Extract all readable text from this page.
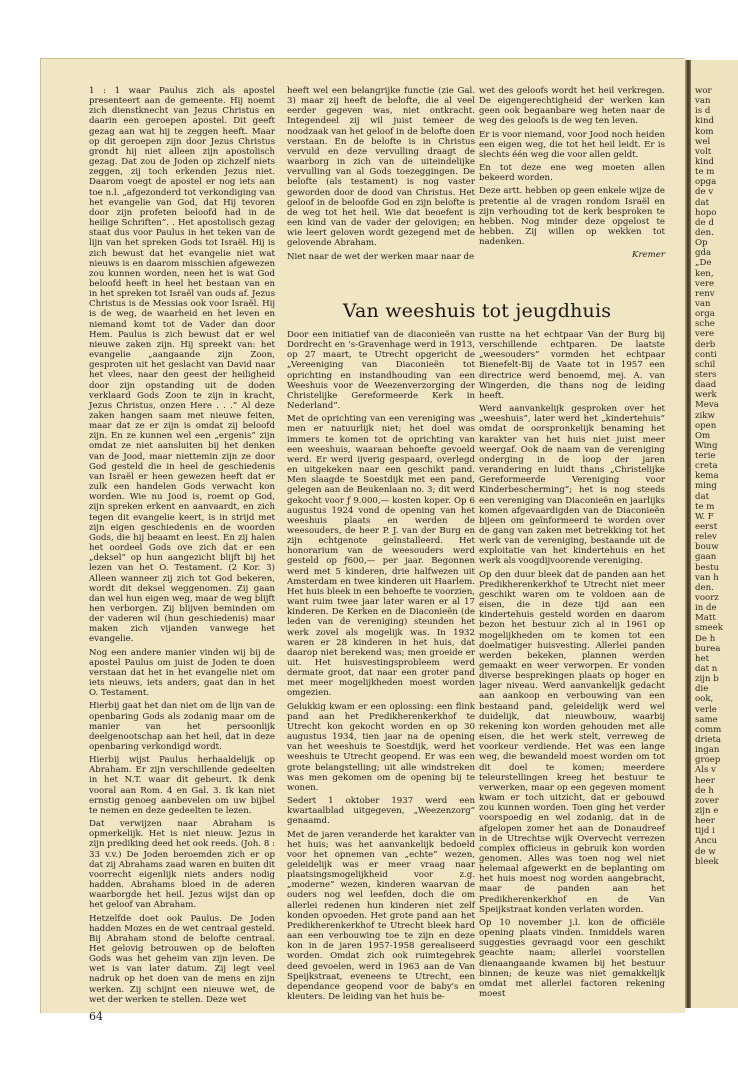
wor
van
is d
kind
kom
wel
volt
kind
te m
opga
de v
dat
hopo
de d
den.
Op
gda
„De
ken,
vere
renv
van
orga
sche
vere
derb
conti
schil
sters
daad
werk
Meva
zikw
open
Om
Wing
terie
creta
kema
ming
dat
te m
W. F
eerst
relev
bouw
gaan
bestu
van h
den.
voorz
in de
Matt
smeek
De h
burea
het
dat n
zijn b
die
ook,
verle
same
comm
drieta
ingan
groep
Als v
heer
de h
zover
zijn e
heer
tijd i
Ancu
de w
bleek

1 : 1 waar Paulus zich als apostel presenteert aan de gemeente. Hij noemt zich dienstknecht van Jezus Christus en daarin een geroepen apostel. Dit geeft gezag aan wat hij te zeggen heeft. Maar op dit geroepen zijn door Jezus Christus grondt hij niet alleen zijn apostolisch gezag. Dat zou de Joden op zichzelf niets zeggen, zij toch erkenden Jezus niet. Daarom voegt de apostel er nog iets aan toe n.l. „afgezonderd tot verkondiging van het evangelie van God, dat Hij tevoren door zijn profeten beloofd had in de heilige Schriften”. . Het apostolisch gezag staat dus voor Paulus in het teken van de lijn van het spreken Gods tot Israël. Hij is zich bewust dat het evangelie niet wat nieuws is en daarom misschien afgewezen zou kunnen worden, neen het is wat God beloofd heeft in heel het bestaan van en in het spreken tot Israël van ouds af. Jezus Christus is de Messias ook voor Israël. Hij is de weg, de waarheid en het leven en niemand komt tot de Vader dan door Hem. Paulus is zich bewust dat er wel nieuwe zaken zijn. Hij spreekt van: het evangelie „aangaande zijn Zoon, gesproten uit het geslacht van David naar het vlees, naar den geest der heiligheid door zijn opstanding uit de doden verklaard Gods Zoon te zijn in kracht, Jezus Christus, onzen Here . . .” Al deze zaken hangen saam met nieuwe feiten, maar dat ze er zijn is omdat zij beloofd zijn. En ze kunnen wel een „ergenis” zijn omdat ze niet aansluiten bij het denken van de Jood, maar niettemin zijn ze door God gesteld die in heel de geschiedenis van Israël er heen gewezen heeft dat er zulk een handelen Gods verwacht kon worden. Wie nu Jood is, roemt op God, zijn spreken erkent en aanvaardt, en zich tegen dit evangelie keert, is in strijd met zijn eigen geschiedenis en de woorden Gods, die hij beaamt en leest. En zij halen het oordeel Gods ove zich dat er een „deksel” op hun aangezicht blijft bij het lezen van het O. Testament. (2 Kor. 3) Alleen wanneer zij zich tot God bekeren, wordt dit deksel weggenomen. Zij gaan dan wel hun eigen weg, maar de weg blijft hen verborgen. Zij blijven beminden om der vaderen wil (hun geschiedenis) maar maken zich vijanden vanwege het evangelie.

Nog een andere manier vinden wij bij de apostel Paulus om juist de Joden te doen verstaan dat het in het evangelie niet om iets nieuws, iets anders, gaat dan in het O. Testament.

Hierbij gaat het dan niet om de lijn van de openbaring Gods als zodanig maar om de manier van het persoonlijk deelgenootschap aan het heil, dat in deze openbaring verkondigd wordt.

Hierbij wijst Paulus herhaaldelijk op Abraham. Er zijn verschillende gedeelten in het N.T. waar dit gebeurt. Ik denk vooral aan Rom. 4 en Gal. 3. Ik kan niet ernstig genoeg aanbevelen om uw bijbel te nemen en deze gedeelten te lezen.

Dat verwijzen naar Abraham is opmerkelijk. Het is niet nieuw. Jezus in zijn prediking deed het ook reeds. (Joh. 8 : 33 v.v.) De Joden beroemden zich er op dat zij Abrahams zaad waren en buiten dit voorrecht eigenlijk niets anders nodig hadden. Abrahams bloed in de aderen waarborgde het heil. Jezus wijst dan op het geloof van Abraham.

Hetzelfde doet ook Paulus. De Joden hadden Mozes en de wet centraal gesteld. Bij Abraham stond de belofte centraal. Het gelovig betrouwen op de beloften Gods was het geheim van zijn leven. De wet is van later datum. Zij legt veel nadruk op het doen van de mens en zijn werken. Zij schijnt een nieuwe wet, de wet der werken te stellen. Deze wet

heeft wel een belangrijke functie (zie Gal. 3) maar zij heeft de belofte, die al veel eerder gegeven was, niet ontkracht. Integendeel zij wil juist temeer de noodzaak van het geloof in de belofte doen verstaan. En de belofte is in Christus vervuld en deze vervulling draagt de waarborg in zich van de uiteindelijke vervulling van al Gods toezeggingen. De belofte (als testament) is nog vaster geworden door de dood van Christus. Het geloof in de beloofde God en zijn belofte is de weg tot het heil. Wie dat beoefent is een kind van de vader der gelovigen; en wie leert geloven wordt gezegend met de gelovende Abraham.

Niet naar de wet der werken maar naar de

wet des geloofs wordt het heil verkregen. De eigengerechtigheid der werken kan geen ook begaanbare weg heten naar de weg des geloofs is de weg ten leven.

Er is voor niemand, voor Jood noch heiden een eigen weg, die tot het heil leidt. Er is slechts één weg die voor allen geldt.

En tot deze ene weg moeten allen bekeerd worden.

Deze artt. hebben op geen enkele wijze de pretentie al de vragen rondom Israël en zijn verhouding tot de kerk besproken te hebben. Nog minder deze opgelost te hebben. Zij willen op wekken tot nadenken.

Kremer

Van weeshuis tot jeugdhuis

Door een initiatief van de diaconieën van Dordrecht en 's-Gravenhage werd in 1913, op 27 maart, te Utrecht opgericht de „Vereeniging van Diaconieën tot oprichting en instandhouding van een Weeshuis voor de Weezenverzorging der Christelijke Gereformeerde Kerk in Nederland”.

Met de oprichting van een vereniging was men er natuurlijk niet; het doel was immers te komen tot de oprichting van een weeshuis, waaraan behoefte gevoeld werd. Er werd ijverig gespaard, overlegd en uitgekeken naar een geschikt pand. Men slaagde te Soestdijk met een pand, gelegen aan de Beukenlaan no. 3; dit werd gekocht voor ƒ 9.000,— kosten koper. Op 6 augustus 1924 vond de opening van het weeshuis plaats en werden de weesouders, de heer P. J. van der Burg en zijn echtgenote geïnstalleerd. Het honorarium van de weesouders werd gesteld op ƒ600,— per jaar. Begonnen werd met 5 kinderen, drie halfwezen uit Amsterdam en twee kinderen uit Haarlem. Het huis bleek in een behoefte te voorzien, want ruim twee jaar later waren er al 17 kinderen. De Kerken en de Diaconieën (de leden van de vereniging) steunden het werk zovel als mogelijk was. In 1932 waren er 28 kinderen in het huis, dat daarop niet berekend was; men groeide er uit. Het huisvestingsprobleem werd dermate groot, dat naar een groter pand met meer mogelijkheden moest worden omgezien.

Gelukkig kwam er een oplossing: een flink pand aan het Predikherenkerkhof te Utrecht kon gekocht worden en op 30 augustus 1934, tien jaar na de opening van het weeshuis te Soestdijk, werd het weeshuis te Utrecht geopend. Er was een grote belangstelling; uit alle windstreken was men gekomen om de opening bij te wonen.

Sedert 1 oktober 1937 werd een kwartaalblad uitgegeven, „Weezenzorg” genaamd.

Met de jaren veranderde het karakter van het huis; was het aanvankelijk bedoeld voor het opnemen van „echte” wezen, geleidelijk was er meer vraag naar plaatsingsmogelijkheid voor z.g. „moderne” wezen, kinderen waarvan de ouders nog wel leefden, doch die om allerlei redenen hun kinderen niet zelf konden opvoeden. Het grote pand aan het Predikherenkerkhof te Utrecht bleek hard aan een verbouwing toe te zijn en deze kon in de jaren 1957-1958 gerealiseerd worden. Omdat zich ook ruimtegebrek deed gevoelen, werd in 1963 aan de Van Speijkstraat, eveneens te Utrecht, een dependance geopend voor de baby's en kleuters. De leiding van het huis be-

rustte na het echtpaar Van der Burg bij verschillende echtparen. De laatste „weesouders” vormden het echtpaar Bienefelt-Bij de Vaate tot in 1957 een directrice werd benoemd, mej. A. van Wingerden, die thans nog de leiding heeft.

Werd aanvankelijk gesproken over het „weeshuis”, later werd het „kindertehuis” omdat de oorspronkelijk benaming het karakter van het huis niet juist meer weergaf. Ook de naam van de vereniging onderging in de loop der jaren verandering en luidt thans „Christelijke Gereformeerde Vereniging voor Kinderbescherming”; het is nog steeds een vereniging van Diaconieën en jaarlijks komen afgevaardigden van de Diaconieën bijeen om geïnformeerd te worden over de gang van zaken met betrekking tot het werk van de vereniging, bestaande uit de exploitatie van het kindertehuis en het werk als voogdijvoorende vereniging.

Op den duur bleek dat de panden aan het Predikherenkerkhof te Utrecht niet meer geschikt waren om te voldoen aan de eisen, die in deze tijd aan een kindertehuis gesteld worden en daarom bezon het bestuur zich al in 1961 op mogelijkheden om te komen tot een doelmatiger huisvesting. Allerlei panden werden bekeken, plannen werden gemaakt en weer verworpen. Er vonden diverse besprekingen plaats op hoger en lager niveau. Werd aanvankelijk gedacht aan aankoop en verbouwing van een bestaand pand, geleidelijk werd wel duidelijk, dat nieuwbouw, waarbij rekening kon worden gehouden met alle eisen, die het werk stelt, verreweg de voorkeur verdiende. Het was een lange weg, die bewandeld moest worden om tot dit doel te komen; meerdere teleurstellingen kreeg het bestuur te verwerken, maar op een gegeven moment kwam er toch uitzicht, dat er gebouwd zou kunnen worden. Toen ging het verder voorspoedig en wel zodanig, dat in de afgelopen zomer het aan de Donaudreef in de Utrechtse wijk Overvecht verrezen complex officieus in gebruik kon worden genomen. Alles was toen nog wel niet helemaal afgewerkt en de beplanting om het huis moest nog worden aangebracht, maar de panden aan het Predikherenkerkhof en de Van Speijkstraat konden verlaten worden.

Op 10 november j.l. kon de officiële opening plaats vinden. Inmiddels waren suggesties gevraagd voor een geschikt geachte naam; allerlei voorstellen dienaangaande kwamen bij het bestuur binnen; de keuze was niet gemakkelijk omdat met allerlei factoren rekening moest

64
